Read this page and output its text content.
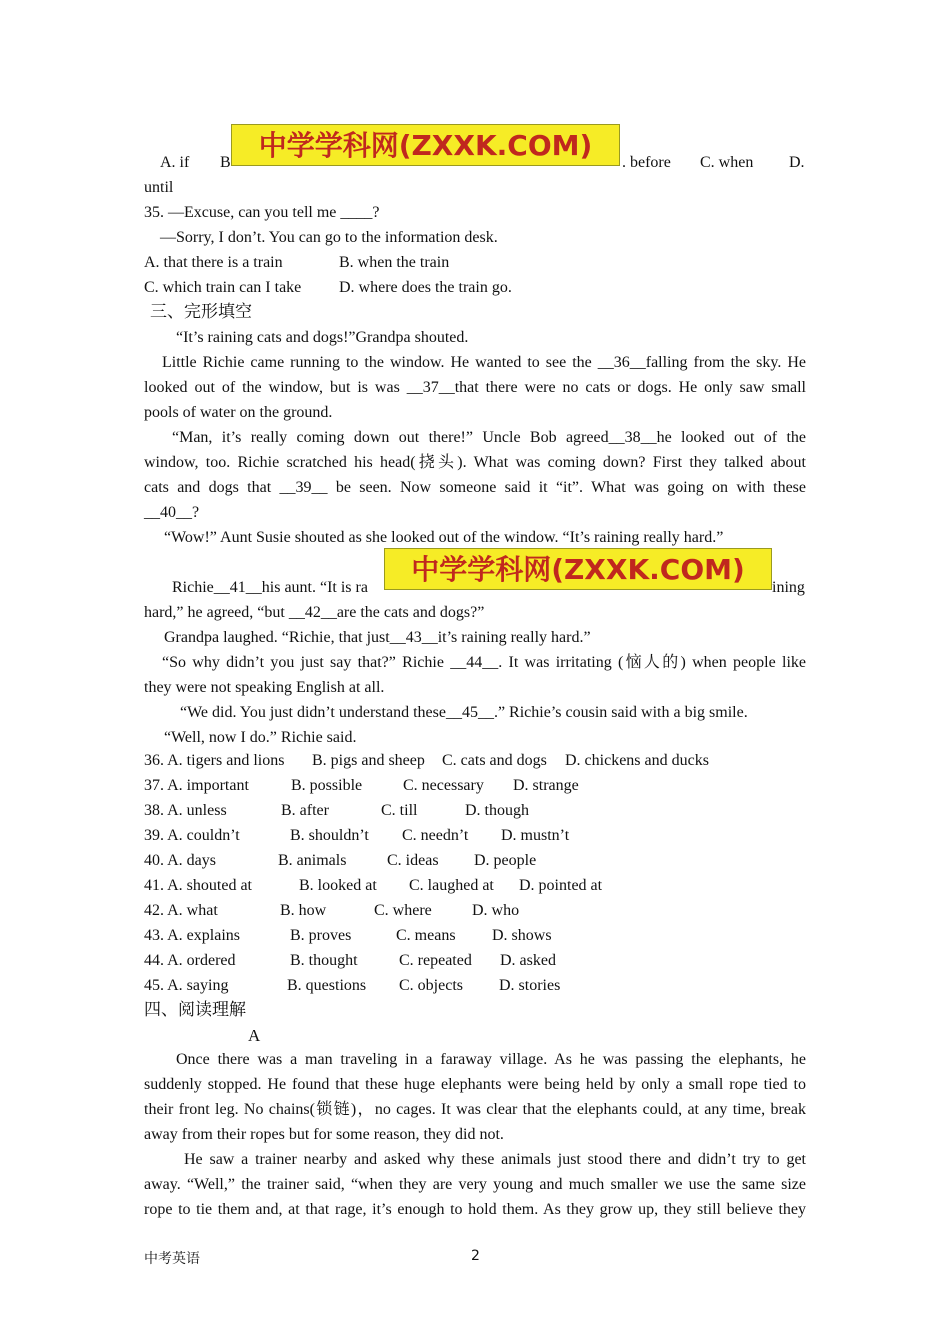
A. if B	. before C. when D.
until
中学学科网(ZXXK.COM)
35. —Excuse, can you tell me ____?
—Sorry, I don’t. You can go to the information desk.
A. that there is a train	B. when the train
C. which train can I take D. where does the train go.
三、完形填空
“It’s raining cats and dogs!”Grandpa shouted.
Little Richie came running to the window. He wanted to see the __36__falling from the sky. He
looked out of the window, but is was __37__that there were no cats or dogs. He only saw small
pools of water on the ground.
“Man, it’s really coming down out there!” Uncle Bob agreed__38__he looked out of the
window, too. Richie scratched his head(挠头). What was coming down? First they talked about
cats and dogs that __39__ be seen. Now someone said it “it”. What was going on with these
__40__?
“Wow!” Aunt Susie shouted as she looked out of the window. “It’s raining really hard.”
Richie__41__his aunt. “It is ra	ining
中学学科网(ZXXK.COM)
hard,” he agreed, “but __42__are the cats and dogs?”
Grandpa laughed. “Richie, that just__43__it’s raining really hard.”
“So why didn’t you just say that?” Richie __44__. It was irritating (恼人的) when people like
they were not speaking English at all.
“We did. You just didn’t understand these__45__.” Richie’s cousin said with a big smile.
“Well, now I do.” Richie said.
36. A. tigers and lions B. pigs and sheep C. cats and dogs D. chickens and ducks
37. A. important	B. possible	C. necessary D. strange
38. A. unless	B. after	C. till	D. though
39. A. couldn’t	B. shouldn’t C. needn’t D. mustn’t
40. A. days	B. animals	C. ideas D. people
41. A. shouted at	B. looked at C. laughed at D. pointed at
42. A. what	B. how	C. where	D. who
43. A. explains	B. proves	C. means D. shows
44. A. ordered	B. thought	C. repeated D. asked
45. A. saying	B. questions C. objects D. stories
四、阅读理解
A
Once there was a man traveling in a faraway village. As he was passing the elephants, he
suddenly stopped. He found that these huge elephants were being held by only a small rope tied to
their front leg. No chains(锁链)，no cages. It was clear that the elephants could, at any time, break
away from their ropes but for some reason, they did not.
He saw a trainer nearby and asked why these animals just stood there and didn’t try to get
away. “Well,” the trainer said, “when they are very young and much smaller we use the same size
rope to tie them and, at that rage, it’s enough to hold them. As they grow up, they still believe they
中考英语	2
